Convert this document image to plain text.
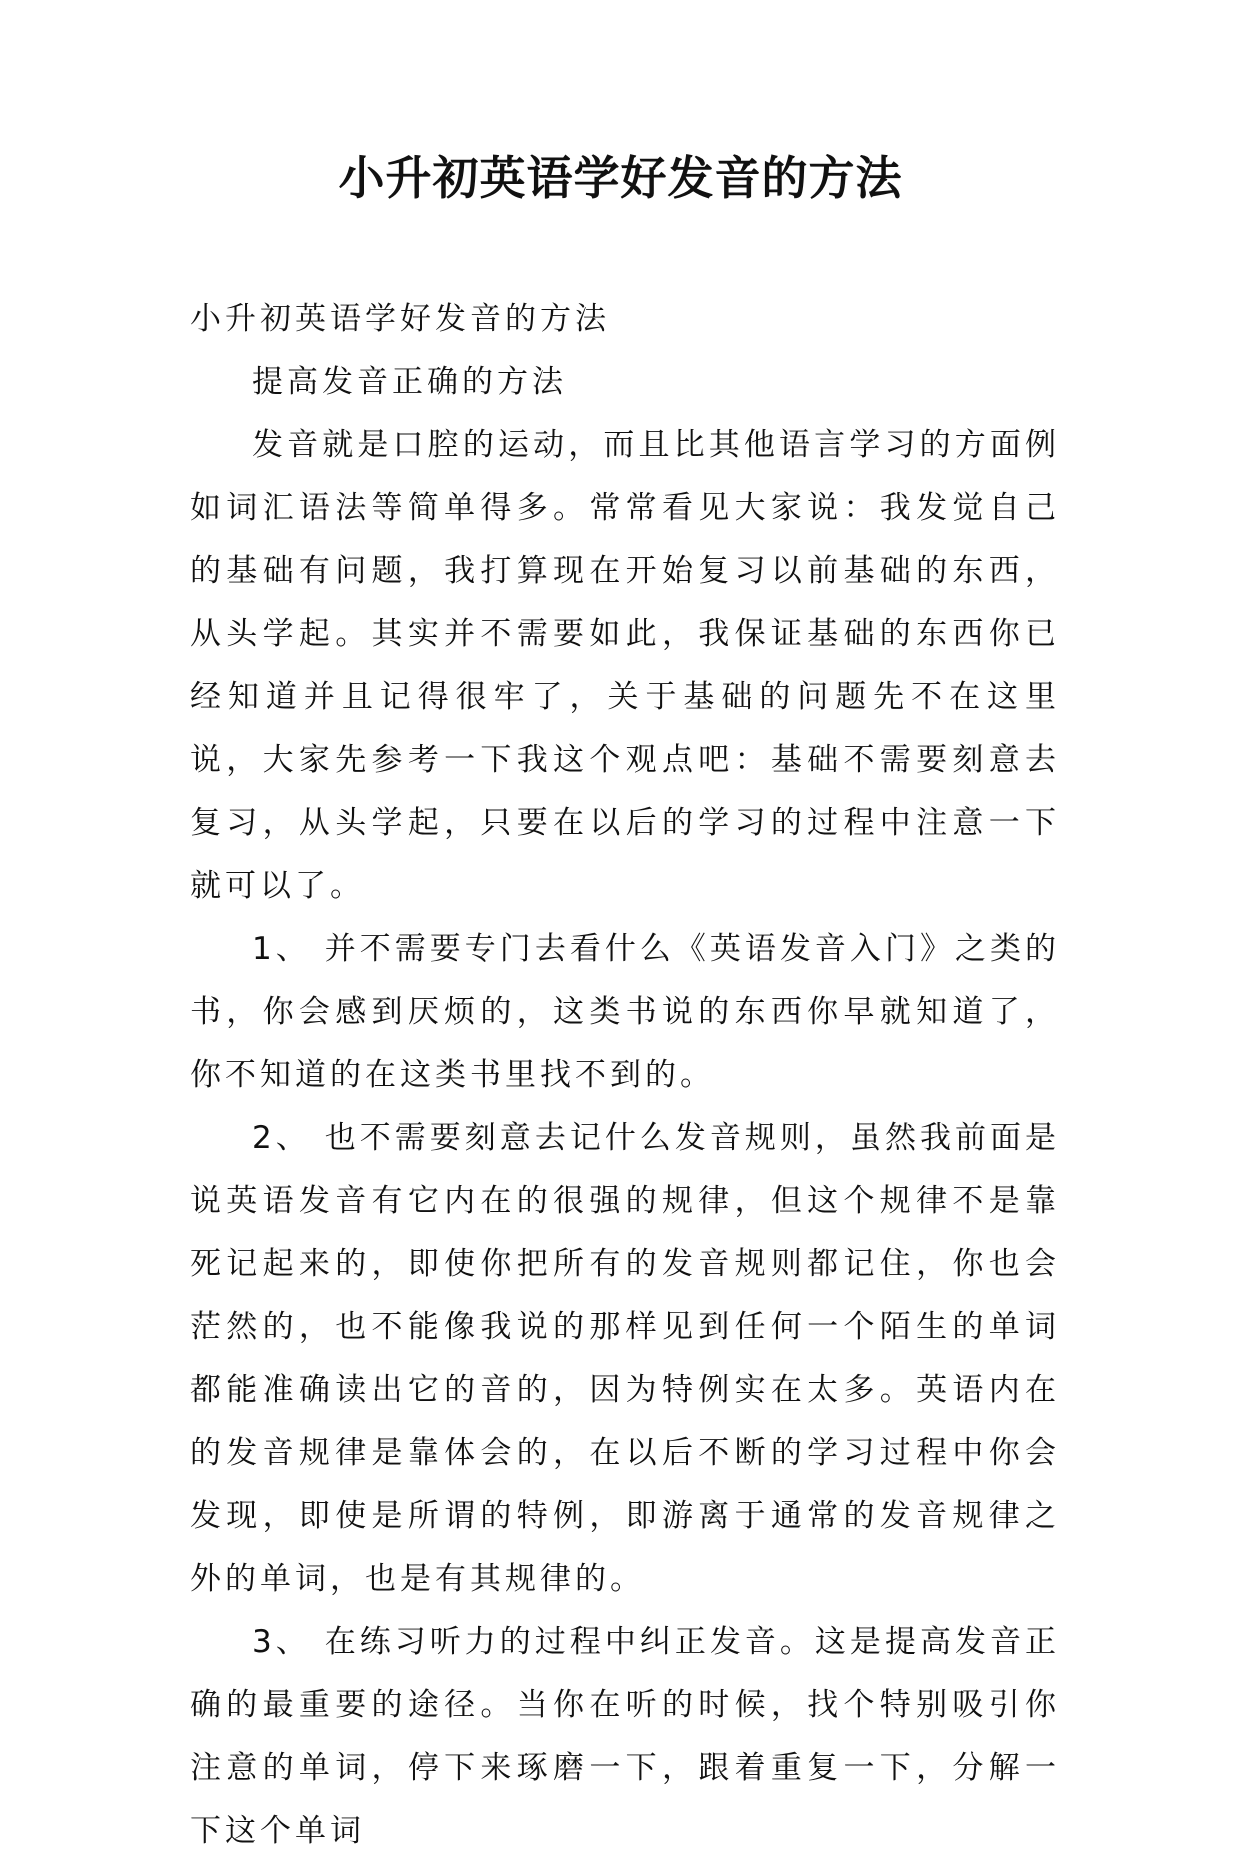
小升初英语学好发音的方法

小升初英语学好发音的方法

提高发音正确的方法

发音就是口腔的运动，而且比其他语言学习的方面例如词汇语法等简单得多。常常看见大家说：我发觉自己的基础有问题，我打算现在开始复习以前基础的东西，从头学起。其实并不需要如此，我保证基础的东西你已经知道并且记得很牢了，关于基础的问题先不在这里说，大家先参考一下我这个观点吧：基础不需要刻意去复习，从头学起，只要在以后的学习的过程中注意一下就可以了。

1、 并不需要专门去看什么《英语发音入门》之类的书，你会感到厌烦的，这类书说的东西你早就知道了，你不知道的在这类书里找不到的。

2、 也不需要刻意去记什么发音规则，虽然我前面是说英语发音有它内在的很强的规律，但这个规律不是靠死记起来的，即使你把所有的发音规则都记住，你也会茫然的，也不能像我说的那样见到任何一个陌生的单词都能准确读出它的音的，因为特例实在太多。英语内在的发音规律是靠体会的，在以后不断的学习过程中你会发现，即使是所谓的特例，即游离于通常的发音规律之外的单词，也是有其规律的。

3、 在练习听力的过程中纠正发音。这是提高发音正确的最重要的途径。当你在听的时候，找个特别吸引你注意的单词，停下来琢磨一下，跟着重复一下，分解一下这个单词
